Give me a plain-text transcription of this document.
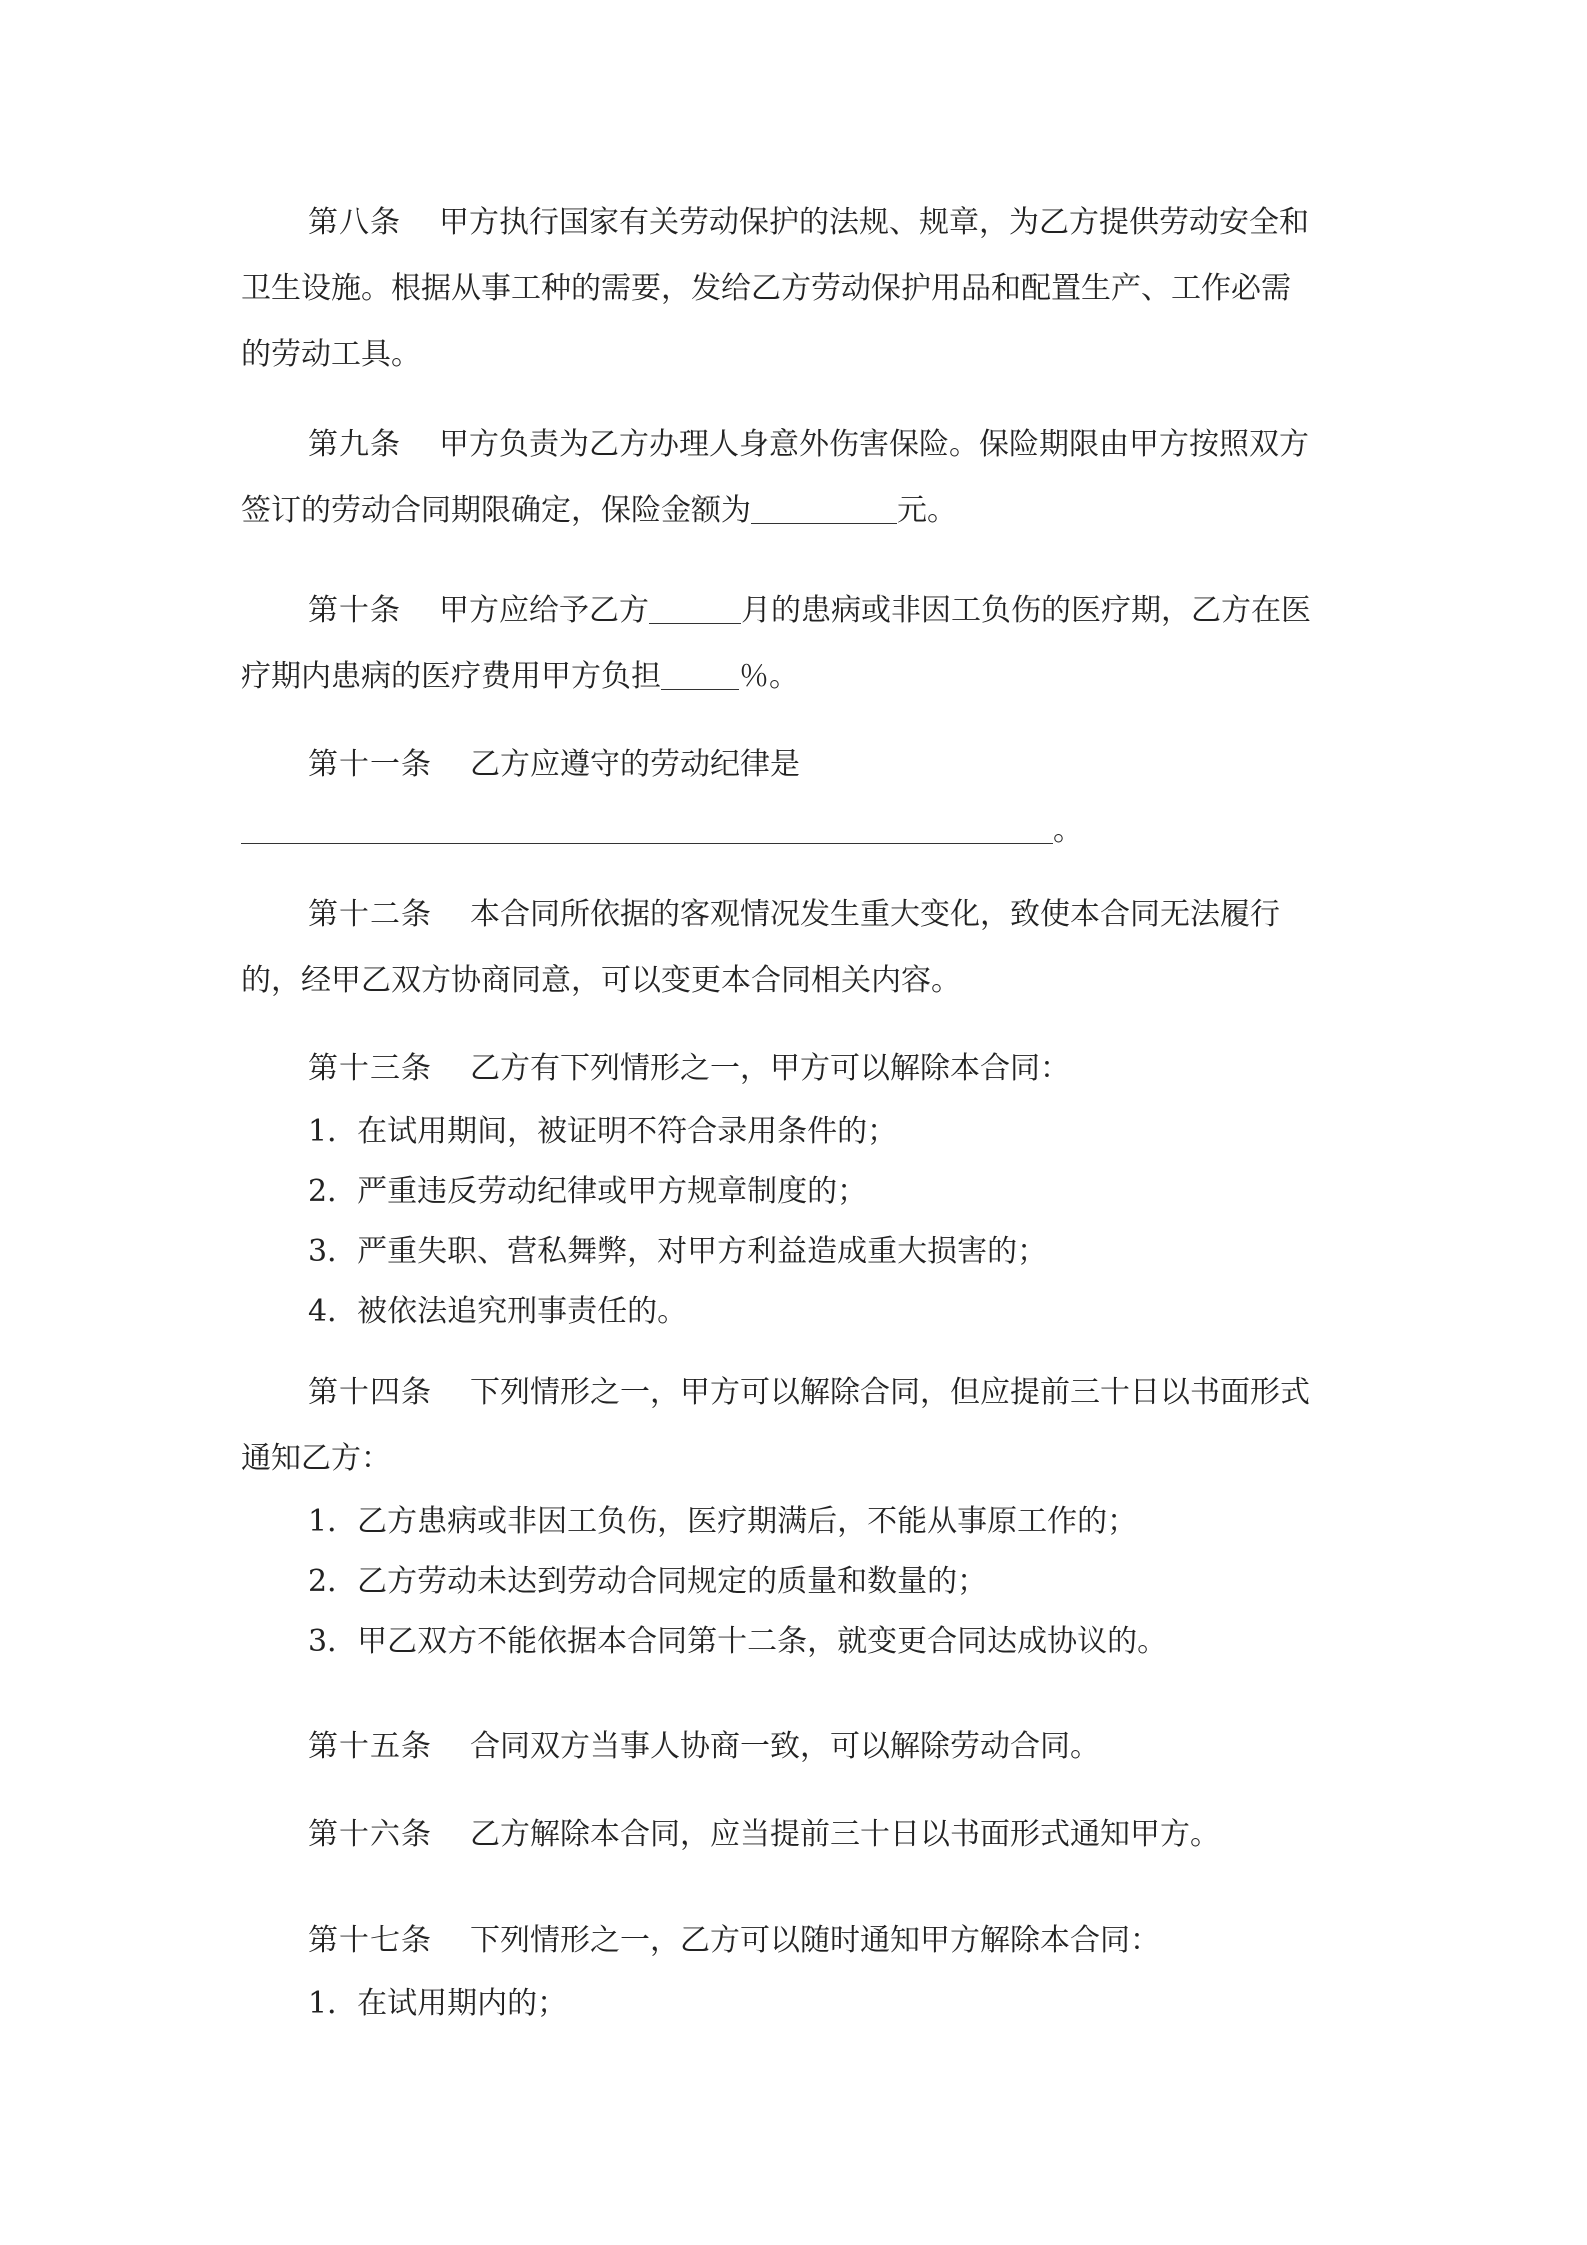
第八条 甲方执行国家有关劳动保护的法规、规章，为乙方提供劳动安全和
卫生设施。根据从事工种的需要，发给乙方劳动保护用品和配置生产、工作必需
的劳动工具。
第九条 甲方负责为乙方办理人身意外伤害保险。保险期限由甲方按照双方
签订的劳动合同期限确定，保险金额为	元。
第十条 甲方应给予乙方	月的患病或非因工负伤的医疗期，乙方在医
疗期内患病的医疗费用甲方负担	％。
第十一条 乙方应遵守的劳动纪律是
。
第十二条 本合同所依据的客观情况发生重大变化，致使本合同无法履行
的，经甲乙双方协商同意，可以变更本合同相关内容。
第十三条 乙方有下列情形之一，甲方可以解除本合同：
1．在试用期间，被证明不符合录用条件的；
2．严重违反劳动纪律或甲方规章制度的；
3．严重失职、营私舞弊，对甲方利益造成重大损害的；
4．被依法追究刑事责任的。
第十四条 下列情形之一，甲方可以解除合同，但应提前三十日以书面形式
通知乙方：
1．乙方患病或非因工负伤，医疗期满后，不能从事原工作的；
2．乙方劳动未达到劳动合同规定的质量和数量的；
3．甲乙双方不能依据本合同第十二条，就变更合同达成协议的。
第十五条 合同双方当事人协商一致，可以解除劳动合同。
第十六条 乙方解除本合同，应当提前三十日以书面形式通知甲方。
第十七条 下列情形之一，乙方可以随时通知甲方解除本合同：
1．在试用期内的；
